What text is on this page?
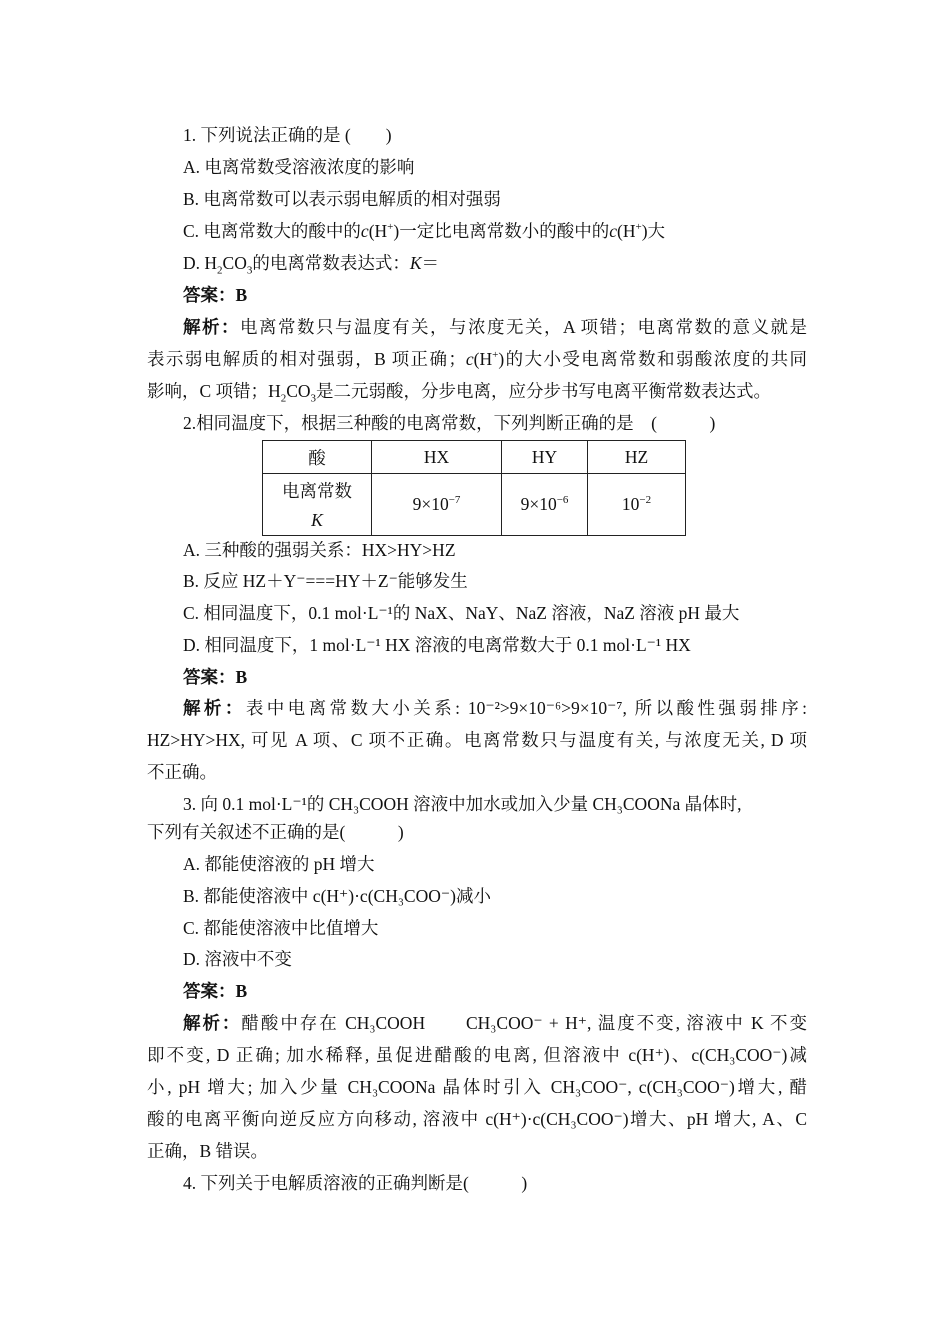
1. 下列说法正确的是 (　　)
A. 电离常数受溶液浓度的影响
B. 电离常数可以表示弱电解质的相对强弱
C. 电离常数大的酸中的c(H+)一定比电离常数小的酸中的c(H+)大
D. $H_2CO_3$的电离常数表达式：K＝
答案：B
解析：电离常数只与温度有关，与浓度无关，A 项错；电离常数的意义就是
表示弱电解质的相对强弱，B 项正确；c(H+)的大小受电离常数和弱酸浓度的共同
影响，C 项错；$H_2CO_3$是二元弱酸，分步电离，应分步书写电离平衡常数表达式。
2.相同温度下，根据三种酸的电离常数，下列判断正确的是　(　　　)
酸	HX	HY	HZ

电离常数
K	$9\times 10^{-7}$	$9\times 10^{-6}$	$10^{-2}$
A. 三种酸的强弱关系：HX>HY>HZ
B. 反应 HZ＋Y⁻===HY＋Z⁻能够发生
C. 相同温度下，0.1 mol·L⁻¹的 NaX、NaY、NaZ 溶液，NaZ 溶液 pH 最大
D. 相同温度下，1 mol·L⁻¹ HX 溶液的电离常数大于 0.1 mol·L⁻¹ HX
答案：B
解析：表中电离常数大小关系: 10⁻²>9×10⁻⁶>9×10⁻⁷, 所以酸性强弱排序:
HZ>HY>HX, 可见 A 项、C 项不正确。电离常数只与温度有关, 与浓度无关, D 项
不正确。
3. 向 0.1 mol·L⁻¹的 CH₃COOH 溶液中加水或加入少量 CH₃COONa 晶体时,
下列有关叙述不正确的是(　　　)
A. 都能使溶液的 pH 增大
B. 都能使溶液中 c(H⁺)·c(CH₃COO⁻)减小
C. 都能使溶液中比值增大
D. 溶液中不变
答案：B
解析：醋酸中存在 CH₃COOH　　CH₃COO⁻ + H⁺, 温度不变, 溶液中 K 不变
即不变, D 正确; 加水稀释, 虽促进醋酸的电离, 但溶液中 c(H⁺)、c(CH₃COO⁻)减
小, pH 增大; 加入少量 CH₃COONa 晶体时引入 CH₃COO⁻, c(CH₃COO⁻)增大, 醋
酸的电离平衡向逆反应方向移动, 溶液中 c(H⁺)·c(CH₃COO⁻)增大、pH 增大, A、C
正确，B 错误。
4. 下列关于电解质溶液的正确判断是(　　　)
